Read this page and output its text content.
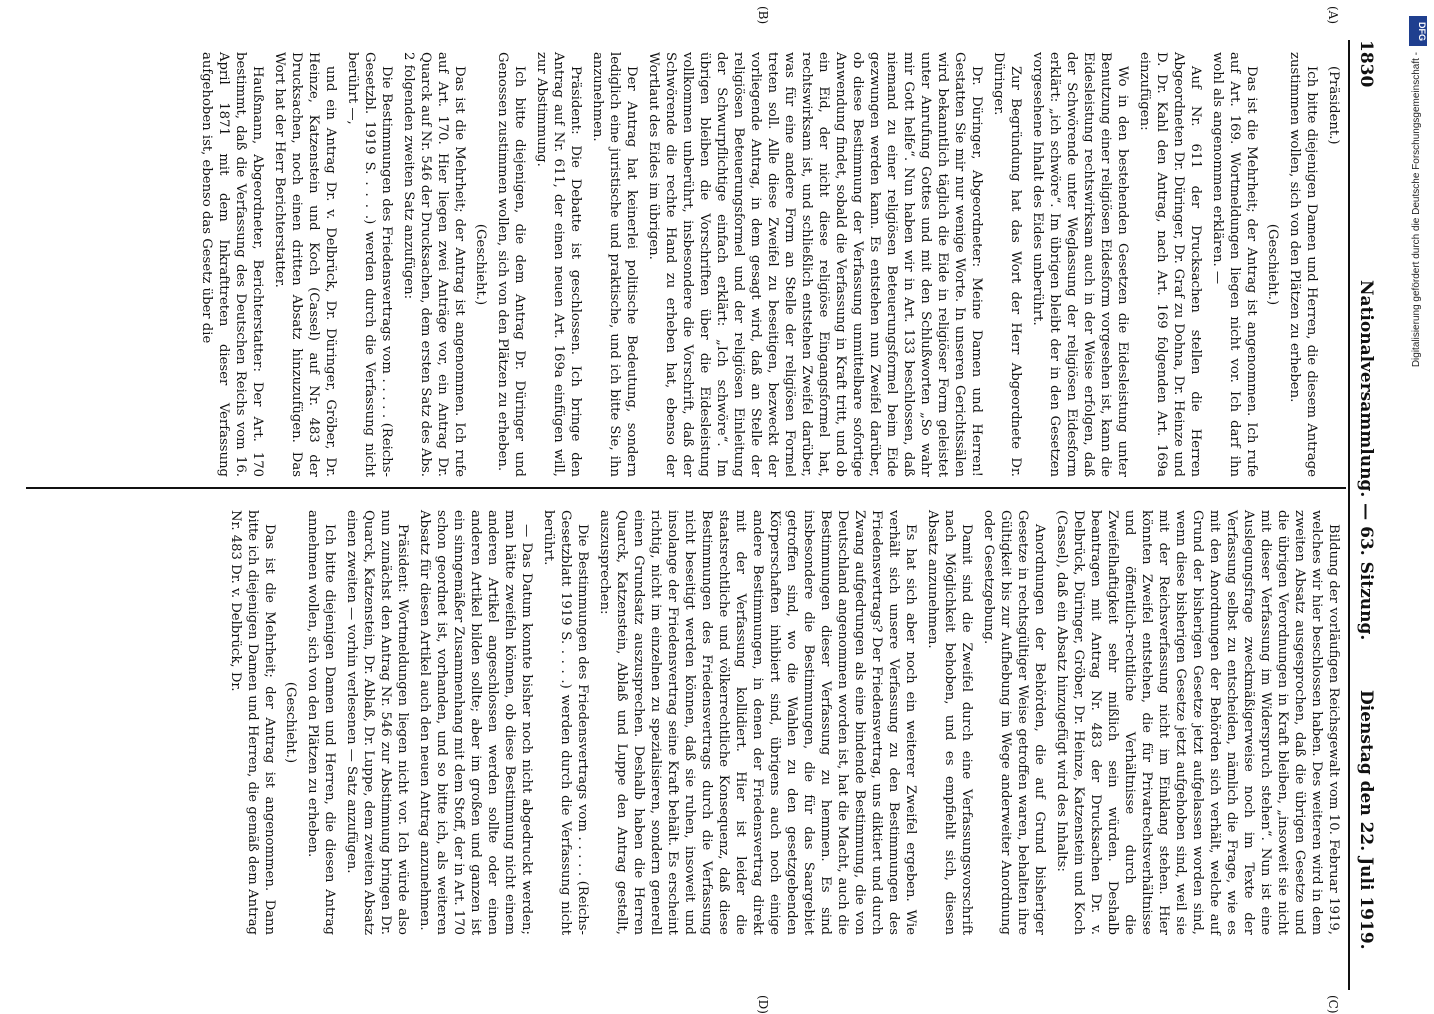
1830
Nationalversammlung. — 63. Sitzung.
Dienstag den 22. Juli 1919.
(A)
(B)
(C)
(D)

(Präsident.)

Ich bitte diejenigen Damen und Herren, die diesem Antrage zustimmen wollen, sich von den Plätzen zu erheben.

(Geschieht.)

Das ist die Mehrheit; der Antrag ist angenommen. Ich rufe auf Art. 169. Wortmeldungen liegen nicht vor. Ich darf ihn wohl als angenommen erklären. —

Auf Nr. 611 der Drucksachen stellen die Herren Abgeordneten Dr. Düringer, Dr. Graf zu Dohna, Dr. Heinze und D. Dr. Kahl den Antrag, nach Art. 169 folgenden Art. 169a einzufügen:

Wo in den bestehenden Gesetzen die Eidesleistung unter Benutzung einer religiösen Eidesform vorgesehen ist, kann die Eidesleistung rechtswirksam auch in der Weise erfolgen, daß der Schwörende unter Weglassung der religiösen Eidesform erklärt: „ich schwöre“. Im übrigen bleibt der in den Gesetzen vorgesehene Inhalt des Eides unberührt.

Zur Begründung hat das Wort der Herr Abgeordnete Dr. Düringer.

Dr. Düringer, Abgeordneter: Meine Damen und Herren! Gestatten Sie mir nur wenige Worte. In unseren Gerichtssälen wird bekanntlich täglich die Eide in religiöser Form geleistet unter Anrufung Gottes und mit den Schlußworten „So wahr mir Gott helfe“. Nun haben wir in Art. 133 beschlossen, daß niemand zu einer religiösen Beteuerungsformel beim Eide gezwungen werden kann. Es entstehen nun Zweifel darüber, ob diese Bestimmung der Verfassung unmittelbare sofortige Anwendung findet, sobald die Verfassung in Kraft tritt, und ob ein Eid, der nicht diese religiöse Eingangsformel hat, rechtswirksam ist, und schließlich entstehen Zweifel darüber, was für eine andere Form an Stelle der religiösen Formel treten soll. Alle diese Zweifel zu beseitigen, bezweckt der vorliegende Antrag, in dem gesagt wird, daß an Stelle der religiösen Beteuerungsformel und der religiösen Einleitung der Schwurpflichtige einfach erklärt: „Ich schwöre“. Im übrigen bleiben die Vorschriften über die Eidesleistung vollkommen unberührt, insbesondere die Vorschrift, daß der Schwörende die rechte Hand zu erheben hat, ebenso der Wortlaut des Eides im übrigen.

Der Antrag hat keinerlei politische Bedeutung, sondern lediglich eine juristische und praktische, und ich bitte Sie, ihn anzunehmen.

Präsident: Die Debatte ist geschlossen. Ich bringe den Antrag auf Nr. 611, der einen neuen Art. 169a einfügen will, zur Abstimmung.

Ich bitte diejenigen, die dem Antrag Dr. Düringer und Genossen zustimmen wollen, sich von den Plätzen zu erheben.

(Geschieht.)

Das ist die Mehrheit; der Antrag ist angenommen. Ich rufe auf Art. 170. Hier liegen zwei Anträge vor, ein Antrag Dr. Quarck auf Nr. 546 der Drucksachen, dem ersten Satz des Abs. 2 folgenden zweiten Satz anzufügen:

Die Bestimmungen des Friedensvertrags vom . . . . . (Reichs-Gesetzbl. 1919 S. . . . .) werden durch die Verfassung nicht berührt —,

und ein Antrag Dr. v. Delbrück, Dr. Düringer, Gröber, Dr. Heinze, Katzenstein und Koch (Cassel) auf Nr. 483 der Drucksachen, noch einen dritten Absatz hinzuzufügen. Das Wort hat der Herr Berichterstatter.

Haußmann, Abgeordneter, Berichterstatter: Der Art. 170 bestimmt, daß die Verfassung des Deutschen Reichs vom 16. April 1871 mit dem Inkrafttreten dieser Verfassung aufgehoben ist, ebenso das Gesetz über die

Bildung der vorläufigen Reichsgewalt vom 10. Februar 1919, welches wir hier beschlossen haben. Des weiteren wird in dem zweiten Absatz ausgesprochen, daß die übrigen Gesetze und die übrigen Verordnungen in Kraft bleiben, „insoweit sie nicht mit dieser Verfassung im Widerspruch stehen“. Nun ist eine Auslegungsfrage zweckmäßigerweise noch im Texte der Verfassung selbst zu entscheiden, nämlich die Frage, wie es mit den Anordnungen der Behörden sich verhält, welche auf Grund der bisherigen Gesetze jetzt aufgelassen worden sind, wenn diese bisherigen Gesetze jetzt aufgehoben sind, weil sie mit der Reichsverfassung nicht im Einklang stehen. Hier könnten Zweifel entstehen, die für Privatrechtsverhältnisse und öffentlich-rechtliche Verhältnisse durch die Zweifelhaftigkeit sehr mißlich sein würden. Deshalb beantragen mit Antrag Nr. 483 der Drucksachen Dr. v. Delbrück, Düringer, Gröber, Dr. Heinze, Katzenstein und Koch (Cassel), daß ein Absatz hinzugefügt wird des Inhalts:

Anordnungen der Behörden, die auf Grund bisheriger Gesetze in rechtsgültiger Weise getroffen waren, behalten ihre Gültigkeit bis zur Aufhebung im Wege anderweiter Anordnung oder Gesetzgebung.

Damit sind die Zweifel durch eine Verfassungsvorschrift nach Möglichkeit behoben, und es empfiehlt sich, diesen Absatz anzunehmen.

Es hat sich aber noch ein weiterer Zweifel ergeben. Wie verhält sich unsere Verfassung zu den Bestimmungen des Friedensvertrags? Der Friedensvertrag, uns diktiert und durch Zwang aufgedrungen als eine bindende Bestimmung, die von Deutschland angenommen worden ist, hat die Macht, auch die Bestimmungen dieser Verfassung zu hemmen. Es sind insbesondere die Bestimmungen, die für das Saargebiet getroffen sind, wo die Wahlen zu den gesetzgebenden Körperschaften inhibiert sind, übrigens auch noch einige andere Bestimmungen, in denen der Friedensvertrag direkt mit der Verfassung kollidiert. Hier ist leider die staatsrechtliche und völkerrechtliche Konsequenz, daß diese Bestimmungen des Friedensvertrags durch die Verfassung nicht beseitigt werden können, daß sie ruhen, insoweit und insolange der Friedensvertrag seine Kraft behält. Es erscheint richtig, nicht im einzelnen zu spezialisieren, sondern generell einen Grundsatz auszusprechen. Deshalb haben die Herren Quarck, Katzenstein, Ablaß und Luppe den Antrag gestellt, auszusprechen:

Die Bestimmungen des Friedensvertrags vom . . . . . (Reichs-Gesetzblatt 1919 S. . . . .) werden durch die Verfassung nicht berührt.

— Das Datum konnte bisher noch nicht abgedruckt werden; man hätte zweifeln können, ob diese Bestimmung nicht einem anderen Artikel angeschlossen werden sollte oder einen anderen Artikel bilden sollte; aber im großen und ganzen ist ein sinngemäßer Zusammenhang mit dem Stoff, der in Art. 170 schon geordnet ist, vorhanden, und so bitte ich, als weiteren Absatz für diesen Artikel auch den neuen Antrag anzunehmen.

Präsident: Wortmeldungen liegen nicht vor. Ich würde also nun zunächst den Antrag Nr. 546 zur Abstimmung bringen Dr. Quarck, Katzenstein, Dr. Ablaß, Dr. Luppe, dem zweiten Absatz einen zweiten — vorhin verlesenen — Satz anzufügen.

Ich bitte diejenigen Damen und Herren, die diesen Antrag annehmen wollen, sich von den Plätzen zu erheben.

(Geschieht.)

Das ist die Mehrheit; der Antrag ist angenommen. Dann bitte ich diejenigen Damen und Herren, die gemäß dem Antrag Nr. 483 Dr. v. Delbrück, Dr.

DFG
Digitalisierung gefördert durch die Deutsche Forschungsgemeinschaft -
